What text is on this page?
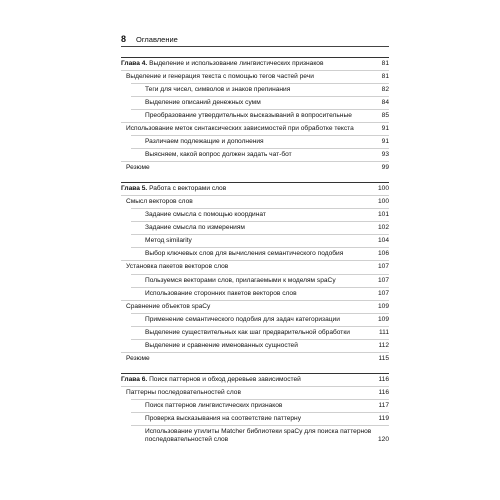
8 Оглавление
Глава 4. Выделение и использование лингвистических признаков	81
Выделение и генерация текста с помощью тегов частей речи	81
Теги для чисел, символов и знаков препинания	82
Выделение описаний денежных сумм	84
Преобразование утвердительных высказываний в вопросительные	85
Использование меток синтаксических зависимостей при обработке текста	91
Различаем подлежащие и дополнения	91
Выясняем, какой вопрос должен задать чат-бот	93
Резюме	99
Глава 5. Работа с векторами слов	100
Смысл векторов слов	100
Задание смысла с помощью координат	101
Задание смысла по измерениям	102
Метод similarity	104
Выбор ключевых слов для вычисления семантического подобия	106
Установка пакетов векторов слов	107
Пользуемся векторами слов, прилагаемыми к моделям spaCy	107
Использование сторонних пакетов векторов слов	107
Сравнение объектов spaCy	109
Применение семантического подобия для задач категоризации	109
Выделение существительных как шаг предварительной обработки	111
Выделение и сравнение именованных сущностей	112
Резюме	115
Глава 6. Поиск паттернов и обход деревьев зависимостей	116
Паттерны последовательностей слов	116
Поиск паттернов лингвистических признаков	117
Проверка высказывания на соответствие паттерну	119
Использование утилиты Matcher библиотеки spaCy для поиска паттернов последовательностей слов	120
